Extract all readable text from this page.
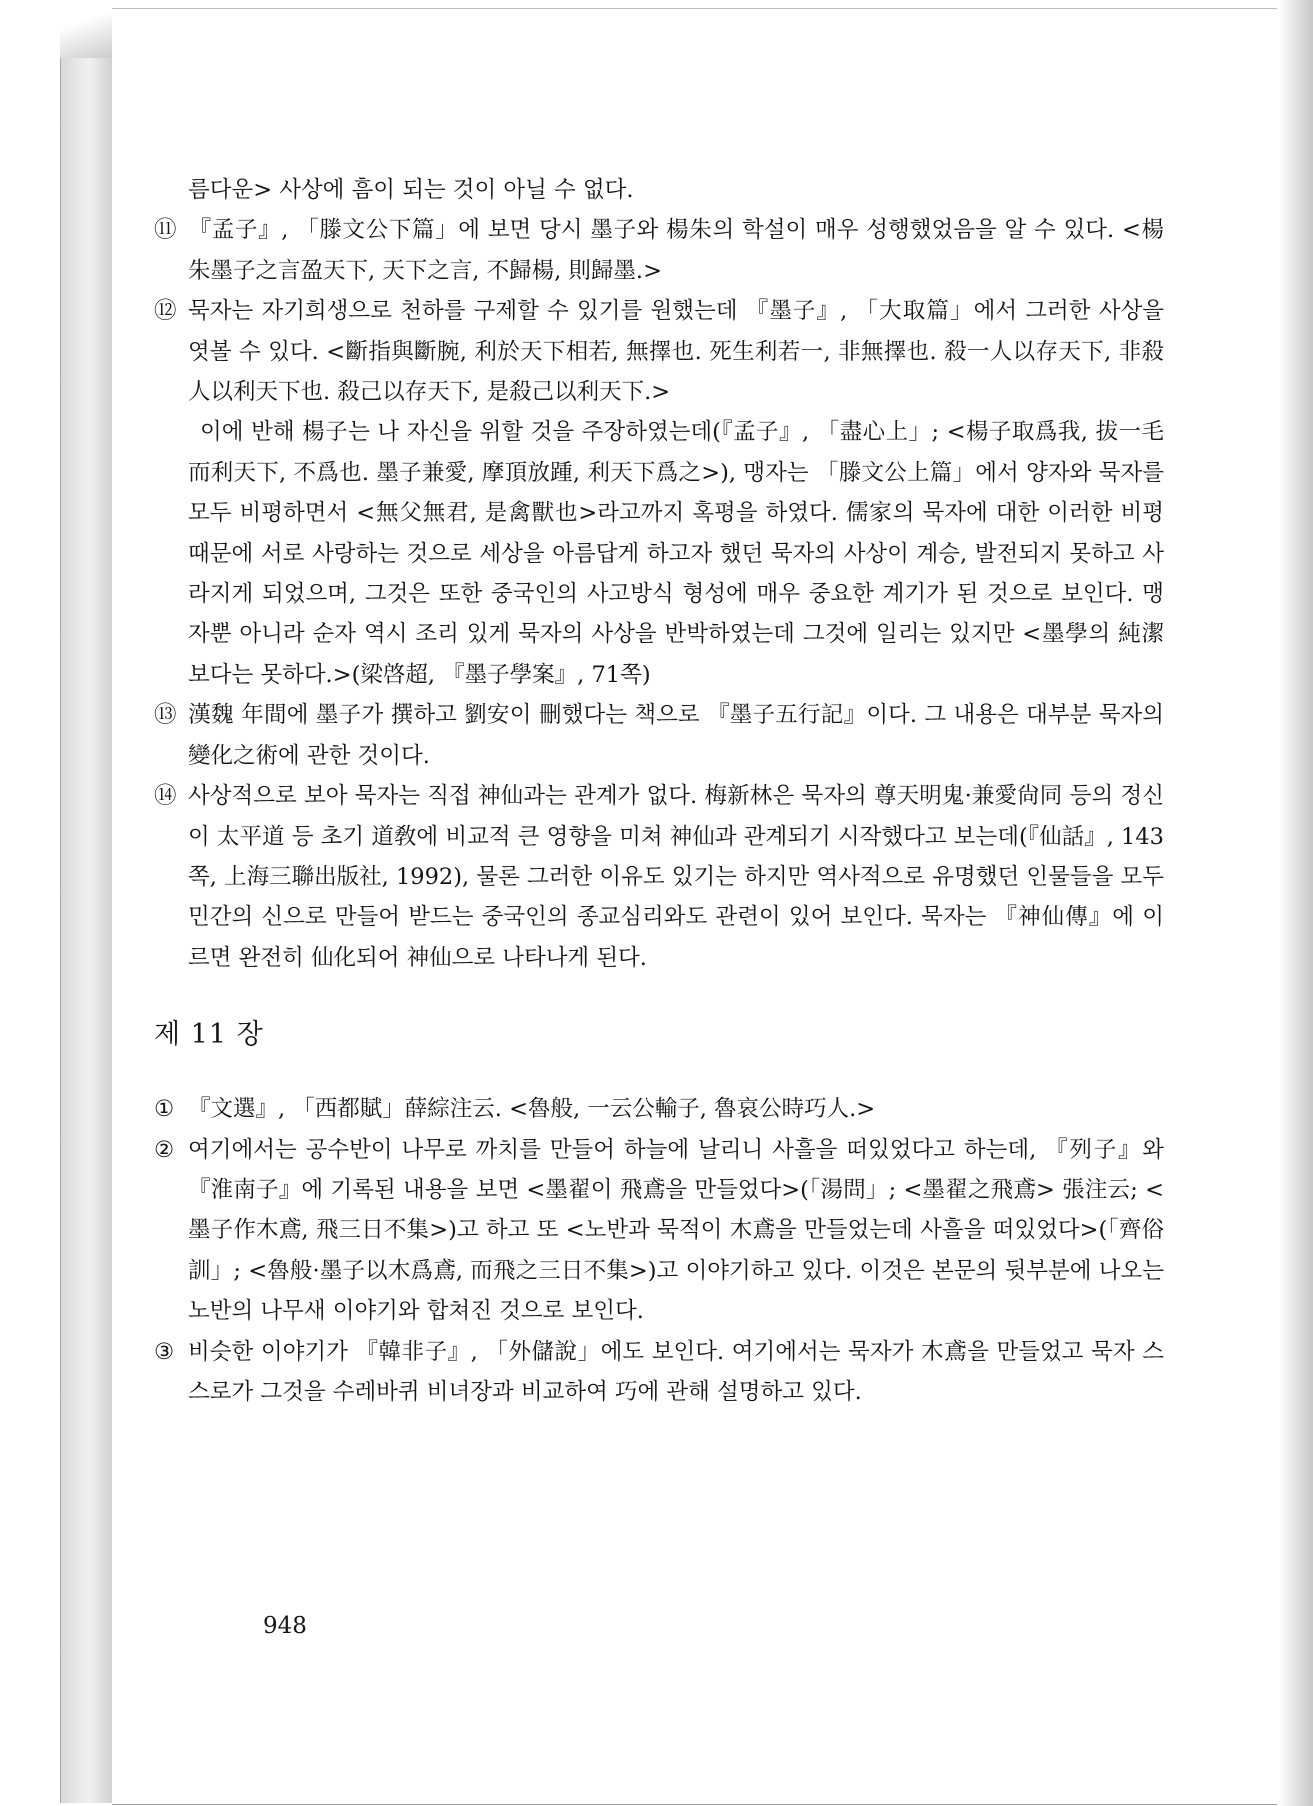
름다운> 사상에 흠이 되는 것이 아닐 수 없다.

⑪ 『孟子』, 「滕文公下篇」에 보면 당시 墨子와 楊朱의 학설이 매우 성행했었음을 알 수 있다. <楊朱墨子之言盈天下, 天下之言, 不歸楊, 則歸墨.>

⑫ 묵자는 자기희생으로 천하를 구제할 수 있기를 원했는데 『墨子』, 「大取篇」에서 그러한 사상을 엿볼 수 있다. <斷指與斷腕, 利於天下相若, 無擇也. 死生利若一, 非無擇也. 殺一人以存天下, 非殺人以利天下也. 殺己以存天下, 是殺己以利天下.>

이에 반해 楊子는 나 자신을 위할 것을 주장하였는데(『孟子』, 「盡心上」; <楊子取爲我, 拔一毛而利天下, 不爲也. 墨子兼愛, 摩頂放踵, 利天下爲之>), 맹자는 「滕文公上篇」에서 양자와 묵자를 모두 비평하면서 <無父無君, 是禽獸也>라고까지 혹평을 하였다. 儒家의 묵자에 대한 이러한 비평 때문에 서로 사랑하는 것으로 세상을 아름답게 하고자 했던 묵자의 사상이 계승, 발전되지 못하고 사라지게 되었으며, 그것은 또한 중국인의 사고방식 형성에 매우 중요한 계기가 된 것으로 보인다. 맹자뿐 아니라 순자 역시 조리 있게 묵자의 사상을 반박하였는데 그것에 일리는 있지만 <墨學의 純潔보다는 못하다.>(梁啓超, 『墨子學案』, 71쪽)

⑬ 漢魏 年間에 墨子가 撰하고 劉安이 刪했다는 책으로 『墨子五行記』이다. 그 내용은 대부분 묵자의 變化之術에 관한 것이다.

⑭ 사상적으로 보아 묵자는 직접 神仙과는 관계가 없다. 梅新林은 묵자의 尊天明鬼·兼愛尙同 등의 정신이 太平道 등 초기 道敎에 비교적 큰 영향을 미쳐 神仙과 관계되기 시작했다고 보는데(『仙話』, 143쪽, 上海三聯出版社, 1992), 물론 그러한 이유도 있기는 하지만 역사적으로 유명했던 인물들을 모두 민간의 신으로 만들어 받드는 중국인의 종교심리와도 관련이 있어 보인다. 묵자는 『神仙傳』에 이르면 완전히 仙化되어 神仙으로 나타나게 된다.

제 11 장

① 『文選』, 「西都賦」薛綜注云. <魯般, 一云公輸子, 魯哀公時巧人.>

② 여기에서는 공수반이 나무로 까치를 만들어 하늘에 날리니 사흘을 떠있었다고 하는데, 『列子』와 『淮南子』에 기록된 내용을 보면 <墨翟이 飛鳶을 만들었다>(「湯問」; <墨翟之飛鳶> 張注云; <墨子作木鳶, 飛三日不集>)고 하고 또 <노반과 묵적이 木鳶을 만들었는데 사흘을 떠있었다>(「齊俗訓」; <魯般·墨子以木爲鳶, 而飛之三日不集>)고 이야기하고 있다. 이것은 본문의 뒷부분에 나오는 노반의 나무새 이야기와 합쳐진 것으로 보인다.

③ 비슷한 이야기가 『韓非子』, 「外儲說」에도 보인다. 여기에서는 묵자가 木鳶을 만들었고 묵자 스스로가 그것을 수레바퀴 비녀장과 비교하여 巧에 관해 설명하고 있다.

948
